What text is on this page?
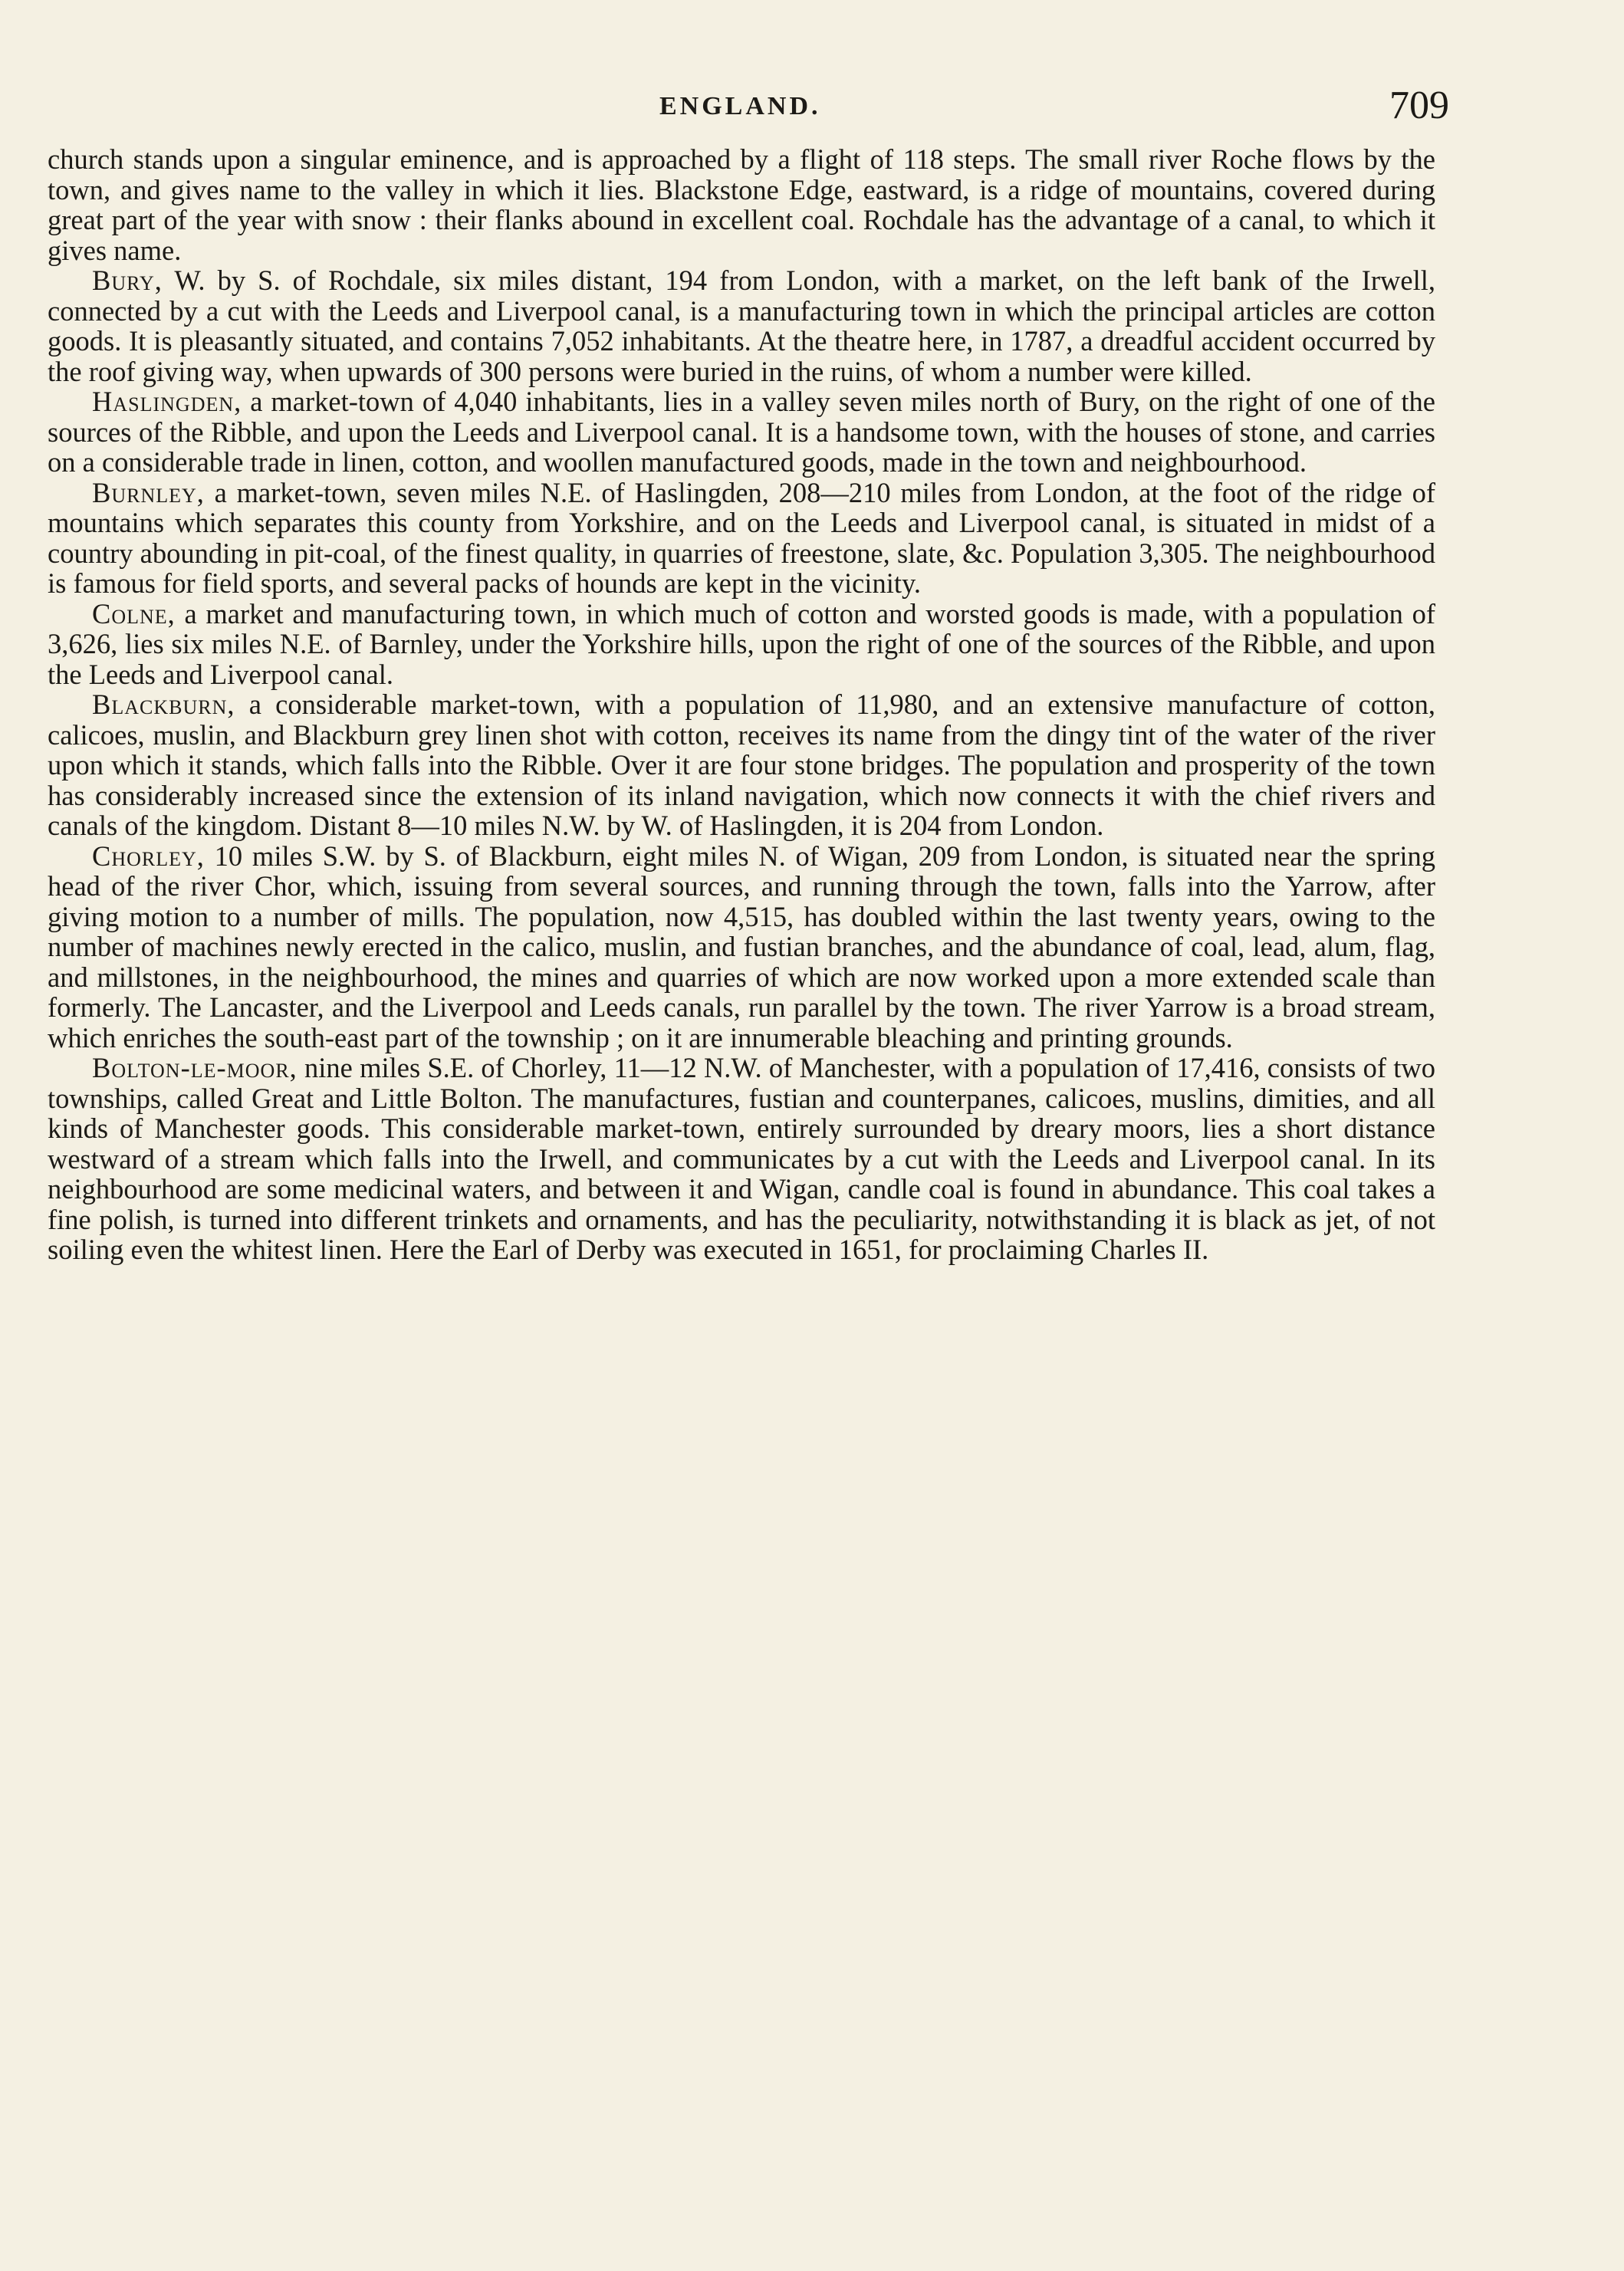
ENGLAND.	709

church stands upon a singular eminence, and is approached by a flight of 118 steps. The small river Roche flows by the town, and gives name to the valley in which it lies. Blackstone Edge, eastward, is a ridge of mountains, covered during great part of the year with snow : their flanks abound in excellent coal. Rochdale has the advantage of a canal, to which it gives name.

Bury, W. by S. of Rochdale, six miles distant, 194 from London, with a market, on the left bank of the Irwell, connected by a cut with the Leeds and Liverpool canal, is a manufacturing town in which the principal articles are cotton goods. It is pleasantly situated, and contains 7,052 inhabitants. At the theatre here, in 1787, a dreadful accident occurred by the roof giving way, when upwards of 300 persons were buried in the ruins, of whom a number were killed.

Haslingden, a market-town of 4,040 inhabitants, lies in a valley seven miles north of Bury, on the right of one of the sources of the Ribble, and upon the Leeds and Liverpool canal. It is a handsome town, with the houses of stone, and carries on a considerable trade in linen, cotton, and woollen manufactured goods, made in the town and neighbourhood.

Burnley, a market-town, seven miles N.E. of Haslingden, 208—210 miles from London, at the foot of the ridge of mountains which separates this county from Yorkshire, and on the Leeds and Liverpool canal, is situated in midst of a country abounding in pit-coal, of the finest quality, in quarries of freestone, slate, &c. Population 3,305. The neighbourhood is famous for field sports, and several packs of hounds are kept in the vicinity.

Colne, a market and manufacturing town, in which much of cotton and worsted goods is made, with a population of 3,626, lies six miles N.E. of Barnley, under the Yorkshire hills, upon the right of one of the sources of the Ribble, and upon the Leeds and Liverpool canal.

Blackburn, a considerable market-town, with a population of 11,980, and an extensive manufacture of cotton, calicoes, muslin, and Blackburn grey linen shot with cotton, receives its name from the dingy tint of the water of the river upon which it stands, which falls into the Ribble. Over it are four stone bridges. The population and prosperity of the town has considerably increased since the extension of its inland navigation, which now connects it with the chief rivers and canals of the kingdom. Distant 8—10 miles N.W. by W. of Haslingden, it is 204 from London.

Chorley, 10 miles S.W. by S. of Blackburn, eight miles N. of Wigan, 209 from London, is situated near the spring head of the river Chor, which, issuing from several sources, and running through the town, falls into the Yarrow, after giving motion to a number of mills. The population, now 4,515, has doubled within the last twenty years, owing to the number of machines newly erected in the calico, muslin, and fustian branches, and the abundance of coal, lead, alum, flag, and millstones, in the neighbourhood, the mines and quarries of which are now worked upon a more extended scale than formerly. The Lancaster, and the Liverpool and Leeds canals, run parallel by the town. The river Yarrow is a broad stream, which enriches the south-east part of the township ; on it are innumerable bleaching and printing grounds.

Bolton-le-moor, nine miles S.E. of Chorley, 11—12 N.W. of Manchester, with a population of 17,416, consists of two townships, called Great and Little Bolton. The manufactures, fustian and counterpanes, calicoes, muslins, dimities, and all kinds of Manchester goods. This considerable market-town, entirely surrounded by dreary moors, lies a short distance westward of a stream which falls into the Irwell, and communicates by a cut with the Leeds and Liverpool canal. In its neighbourhood are some medicinal waters, and between it and Wigan, candle coal is found in abundance. This coal takes a fine polish, is turned into different trinkets and ornaments, and has the peculiarity, notwithstanding it is black as jet, of not soiling even the whitest linen. Here the Earl of Derby was executed in 1651, for proclaiming Charles II.
